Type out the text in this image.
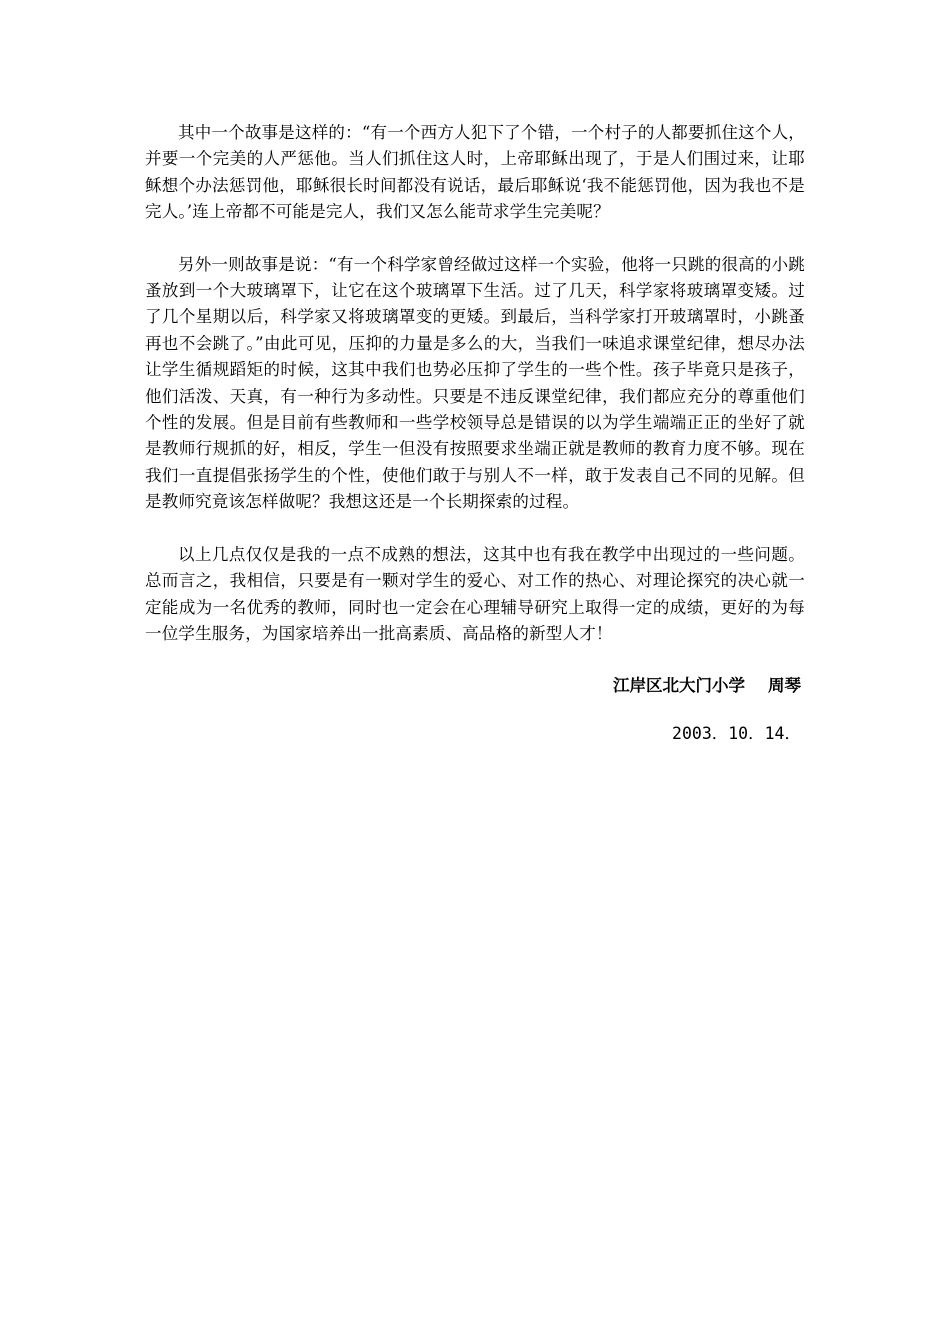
其中一个故事是这样的：“有一个西方人犯下了个错，一个村子的人都要抓住这个人，并要一个完美的人严惩他。当人们抓住这人时，上帝耶稣出现了，于是人们围过来，让耶稣想个办法惩罚他，耶稣很长时间都没有说话，最后耶稣说‘我不能惩罚他，因为我也不是完人。’连上帝都不可能是完人，我们又怎么能苛求学生完美呢？

另外一则故事是说：“有一个科学家曾经做过这样一个实验，他将一只跳的很高的小跳蚤放到一个大玻璃罩下，让它在这个玻璃罩下生活。过了几天，科学家将玻璃罩变矮。过了几个星期以后，科学家又将玻璃罩变的更矮。到最后，当科学家打开玻璃罩时，小跳蚤再也不会跳了。”由此可见，压抑的力量是多么的大，当我们一味追求课堂纪律，想尽办法让学生循规蹈矩的时候，这其中我们也势必压抑了学生的一些个性。孩子毕竟只是孩子，他们活泼、天真，有一种行为多动性。只要是不违反课堂纪律，我们都应充分的尊重他们个性的发展。但是目前有些教师和一些学校领导总是错误的以为学生端端正正的坐好了就是教师行规抓的好，相反，学生一但没有按照要求坐端正就是教师的教育力度不够。现在我们一直提倡张扬学生的个性，使他们敢于与别人不一样，敢于发表自己不同的见解。但是教师究竟该怎样做呢？我想这还是一个长期探索的过程。

以上几点仅仅是我的一点不成熟的想法，这其中也有我在教学中出现过的一些问题。总而言之，我相信，只要是有一颗对学生的爱心、对工作的热心、对理论探究的决心就一定能成为一名优秀的教师，同时也一定会在心理辅导研究上取得一定的成绩，更好的为每一位学生服务，为国家培养出一批高素质、高品格的新型人才！

江岸区北大门小学    周琴
2003．10．14．
